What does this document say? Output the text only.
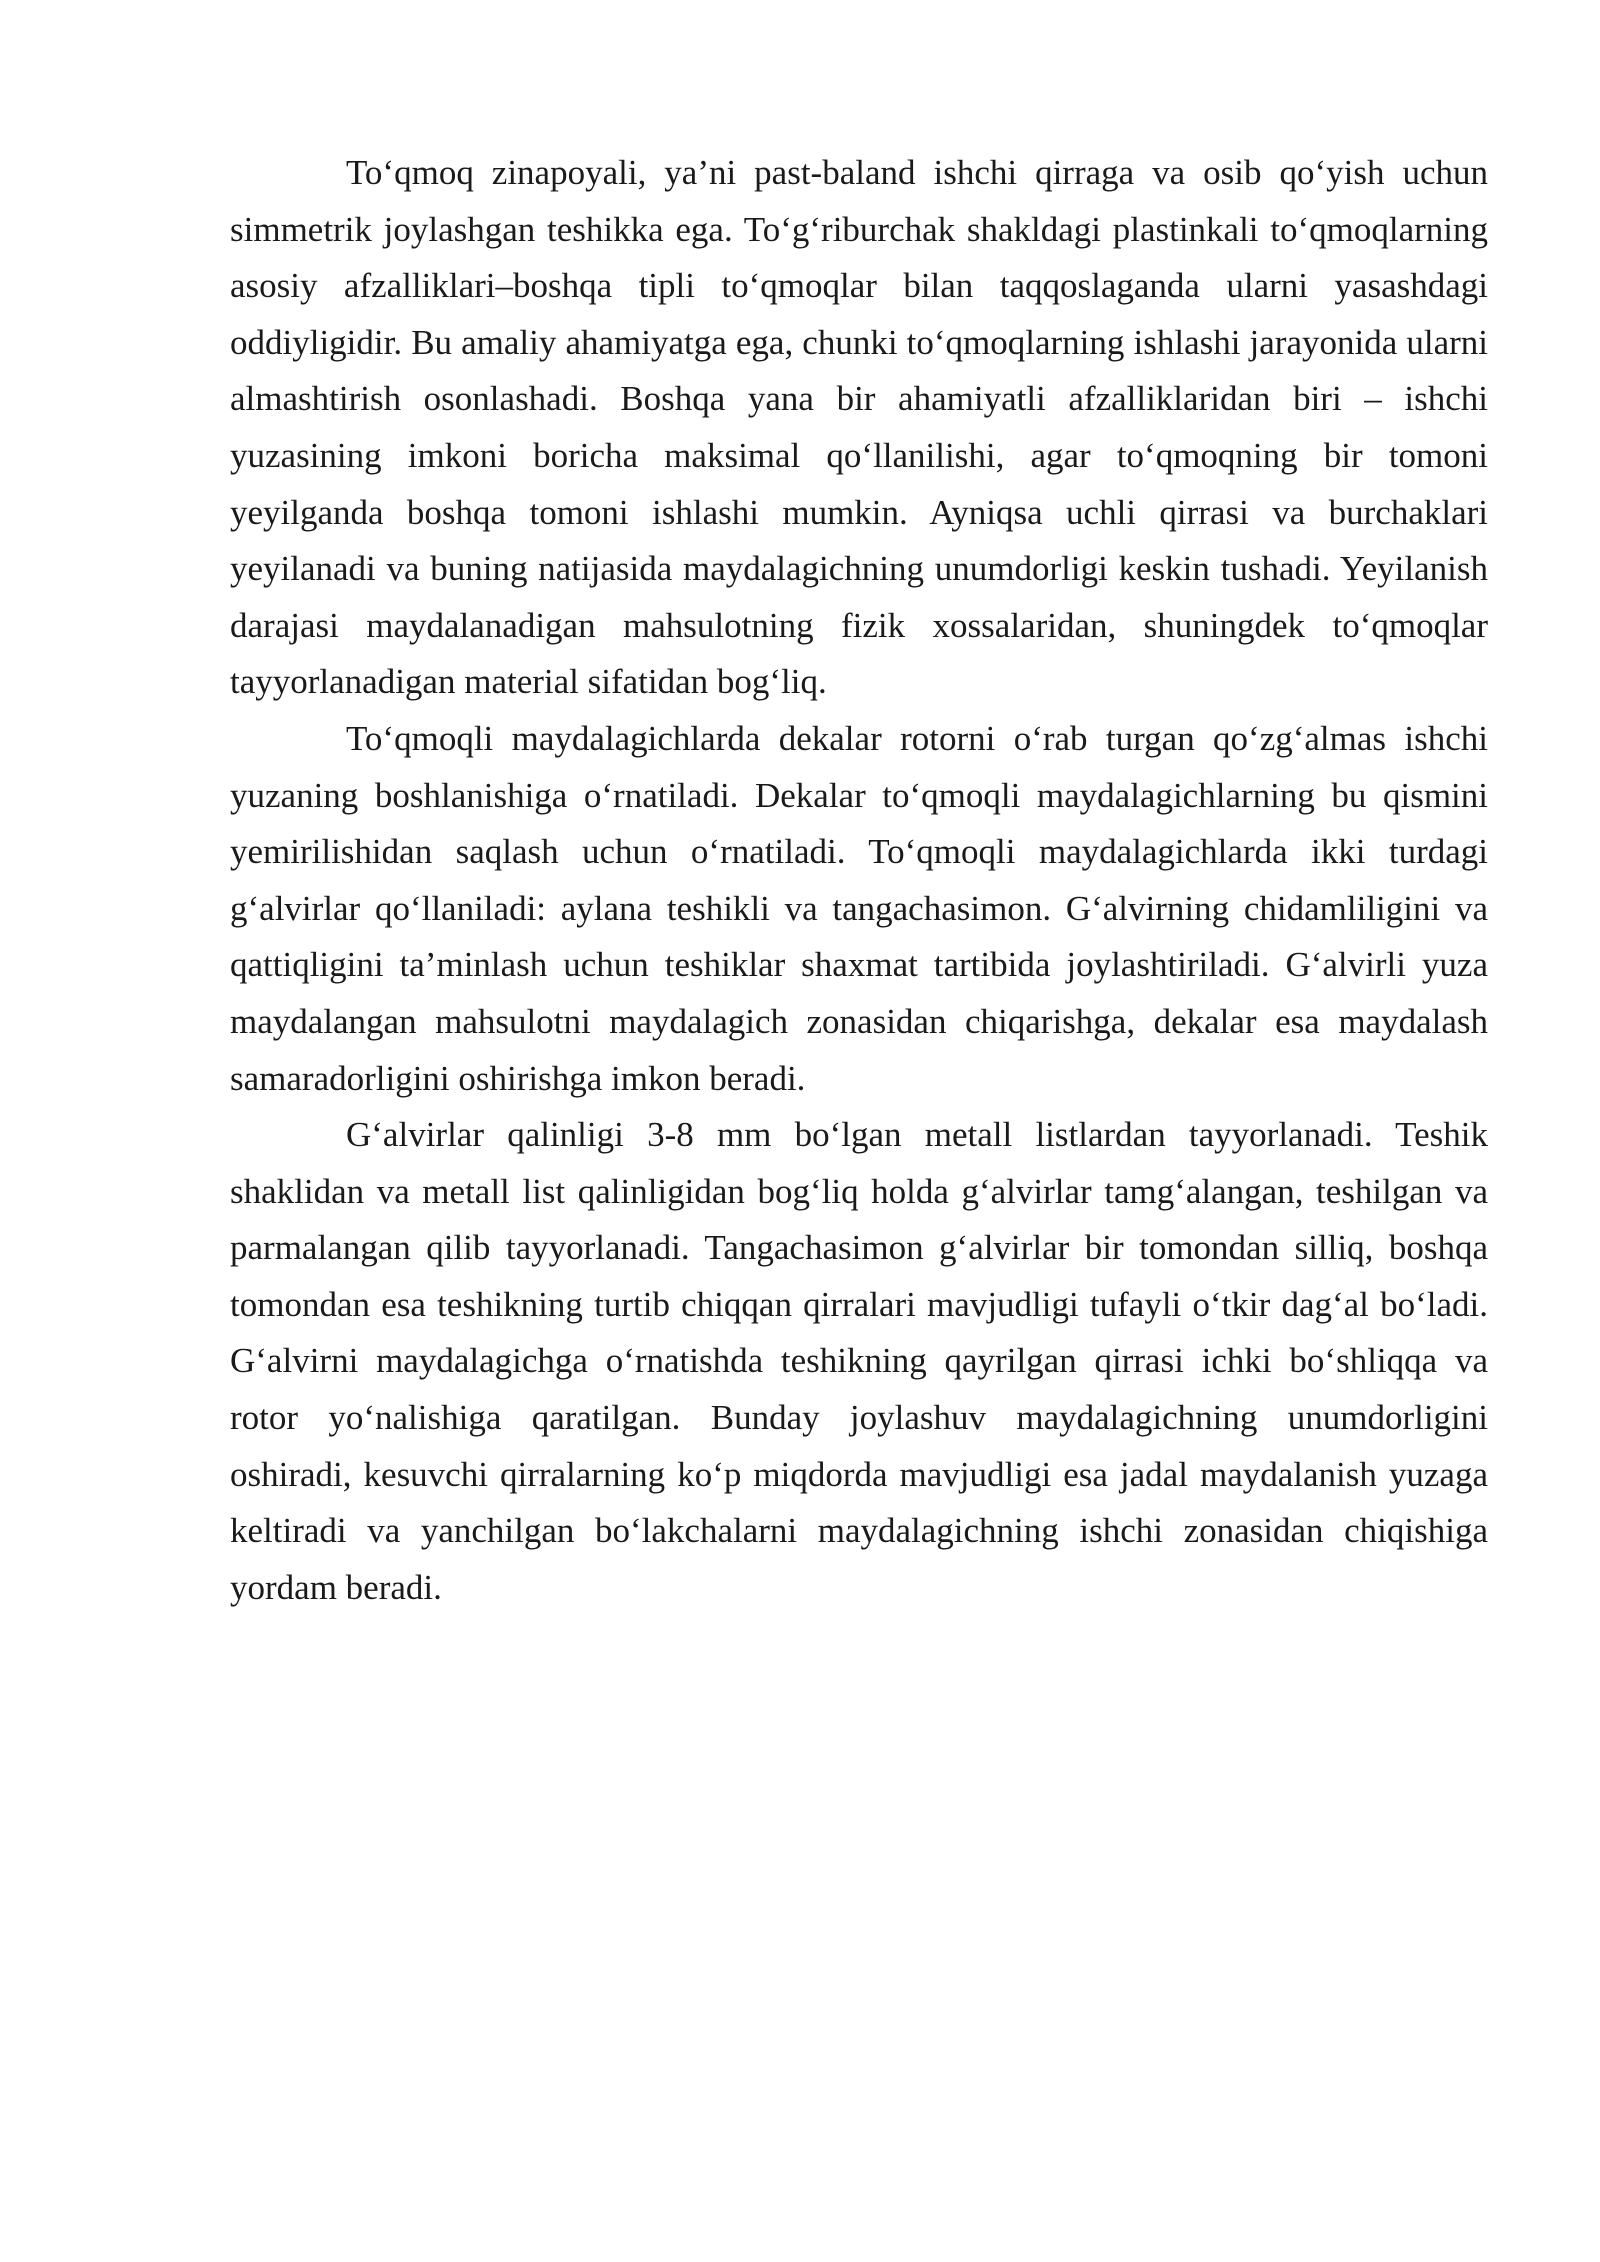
To‘qmoq zinapoyali, ya’ni past-baland ishchi qirraga va osib qo‘yish uchun simmetrik joylashgan teshikka ega. To‘g‘riburchak shakldagi plastinkali to‘qmoqlarning asosiy afzalliklari–boshqa tipli to‘qmoqlar bilan taqqoslaganda ularni yasashdagi oddiyligidir. Bu amaliy ahamiyatga ega, chunki to‘qmoqlarning ishlashi jarayonida ularni almashtirish osonlashadi. Boshqa yana bir ahamiyatli afzalliklaridan biri – ishchi yuzasining imkoni boricha maksimal qo‘llanilishi, agar to‘qmoqning bir tomoni yeyilganda boshqa tomoni ishlashi mumkin. Ayniqsa uchli qirrasi va burchaklari yeyilanadi va buning natijasida maydalagichning unumdorligi keskin tushadi. Yeyilanish darajasi maydalanadigan mahsulotning fizik xossalaridan, shuningdek to‘qmoqlar tayyorlanadigan material sifatidan bog‘liq.

To‘qmoqli maydalagichlarda dekalar rotorni o‘rab turgan qo‘zg‘almas ishchi yuzaning boshlanishiga o‘rnatiladi. Dekalar to‘qmoqli maydalagichlarning bu qismini yemirilishidan saqlash uchun o‘rnatiladi. To‘qmoqli maydalagichlarda ikki turdagi g‘alvirlar qo‘llaniladi: aylana teshikli va tangachasimon. G‘alvirning chidamliligini va qattiqligini ta’minlash uchun teshiklar shaxmat tartibida joylashtiriladi. G‘alvirli yuza maydalangan mahsulotni maydalagich zonasidan chiqarishga, dekalar esa maydalash samaradorligini oshirishga imkon beradi.

G‘alvirlar qalinligi 3-8 mm bo‘lgan metall listlardan tayyorlanadi. Teshik shaklidan va metall list qalinligidan bog‘liq holda g‘alvirlar tamg‘alangan, teshilgan va parmalangan qilib tayyorlanadi. Tangachasimon g‘alvirlar bir tomondan silliq, boshqa tomondan esa teshikning turtib chiqqan qirralari mavjudligi tufayli o‘tkir dag‘al bo‘ladi. G‘alvirni maydalagichga o‘rnatishda teshikning qayrilgan qirrasi ichki bo‘shliqqa va rotor yo‘nalishiga qaratilgan. Bunday joylashuv maydalagichning unumdorligini oshiradi, kesuvchi qirralarning ko‘p miqdorda mavjudligi esa jadal maydalanish yuzaga keltiradi va yanchilgan bo‘lakchalarni maydalagichning ishchi zonasidan chiqishiga yordam beradi.
